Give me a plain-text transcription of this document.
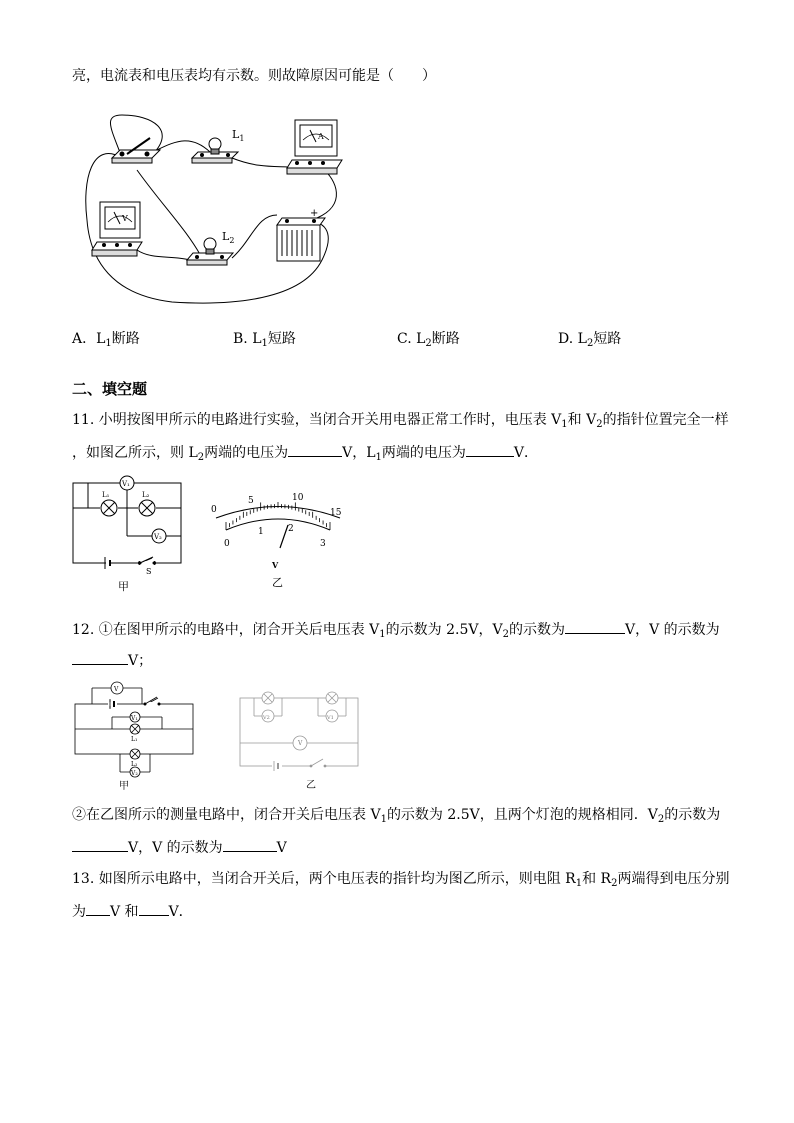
亮，电流表和电压表均有示数。则故障原因可能是（　　）
$L_1$	A
V
$L_2$
+
A．$L_1$断路	B. $L_1$短路	C. $L_2$断路	D. $L_2$短路
二、填空题
11. 小明按图甲所示的电路进行实验，当闭合开关用电器正常工作时，电压表 $V_1$和 $V_2$的指针位置完全一样
，如图乙所示，则 $L_2$两端的电压为	V，$L_1$两端的电压为	V．
V₁
V₂
L₁	L₂
S
甲
0
5	10
15
0
1	2
3
V
乙
12. ①在图甲所示的电路中，闭合开关后电压表 $V_1$的示数为 2.5V，$V_2$的示数为	V，V 的示数为
V；
V
V₁
V₂
L₁
L₂
甲
V2	V1
V
乙
②在乙图所示的测量电路中，闭合开关后电压表 $V_1$的示数为 2.5V，且两个灯泡的规格相同．$V_2$的示数为
V，V 的示数为	V
13. 如图所示电路中，当闭合开关后，两个电压表的指针均为图乙所示，则电阻 $R_1$和 $R_2$两端得到电压分别
为 V 和 V．
